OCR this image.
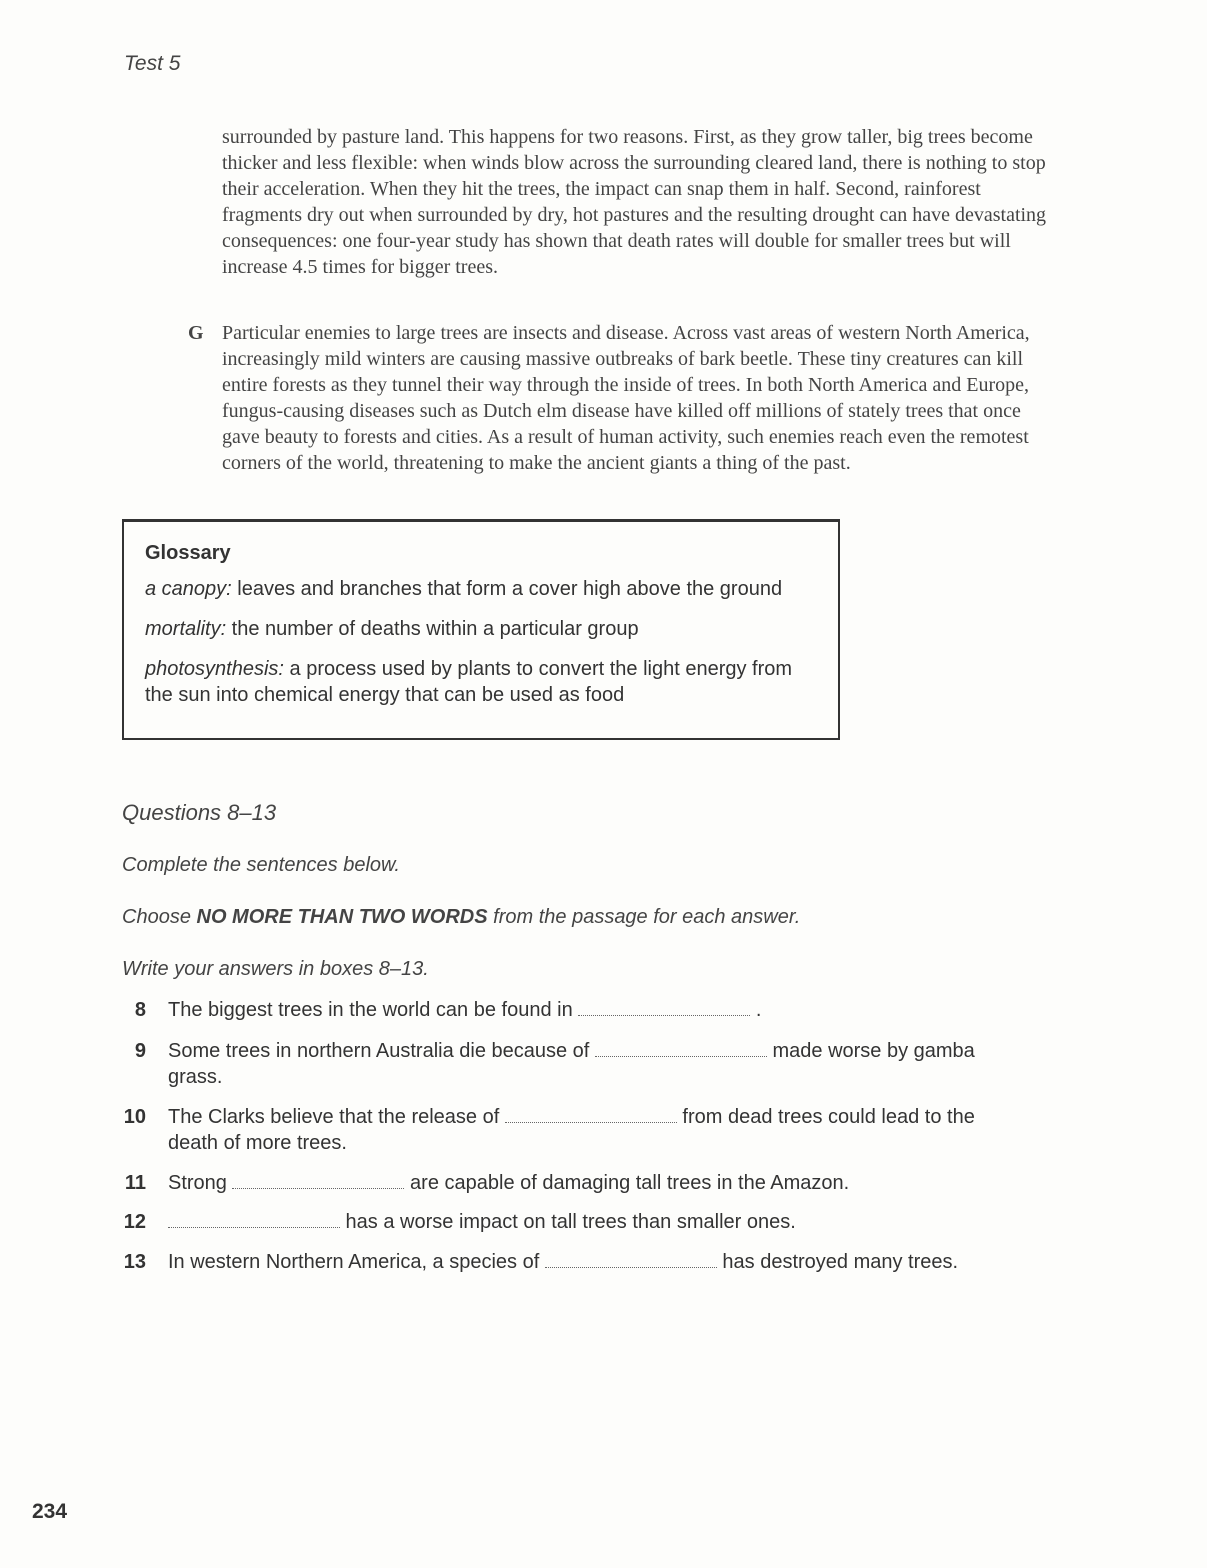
Test 5
surrounded by pasture land. This happens for two reasons. First, as they grow taller, big trees become thicker and less flexible: when winds blow across the surrounding cleared land, there is nothing to stop their acceleration. When they hit the trees, the impact can snap them in half. Second, rainforest fragments dry out when surrounded by dry, hot pastures and the resulting drought can have devastating consequences: one four-year study has shown that death rates will double for smaller trees but will increase 4.5 times for bigger trees.
G Particular enemies to large trees are insects and disease. Across vast areas of western North America, increasingly mild winters are causing massive outbreaks of bark beetle. These tiny creatures can kill entire forests as they tunnel their way through the inside of trees. In both North America and Europe, fungus-causing diseases such as Dutch elm disease have killed off millions of stately trees that once gave beauty to forests and cities. As a result of human activity, such enemies reach even the remotest corners of the world, threatening to make the ancient giants a thing of the past.
Glossary

a canopy: leaves and branches that form a cover high above the ground

mortality: the number of deaths within a particular group

photosynthesis: a process used by plants to convert the light energy from the sun into chemical energy that can be used as food

Questions 8–13
Complete the sentences below.
Choose NO MORE THAN TWO WORDS from the passage for each answer.
Write your answers in boxes 8–13.
8 The biggest trees in the world can be found in	.
9 Some trees in northern Australia die because of	made worse by gamba grass.
10 The Clarks believe that the release of	from dead trees could lead to the death of more trees.
11 Strong	are capable of damaging tall trees in the Amazon.
12	has a worse impact on tall trees than smaller ones.
13 In western Northern America, a species of	has destroyed many trees.
234
